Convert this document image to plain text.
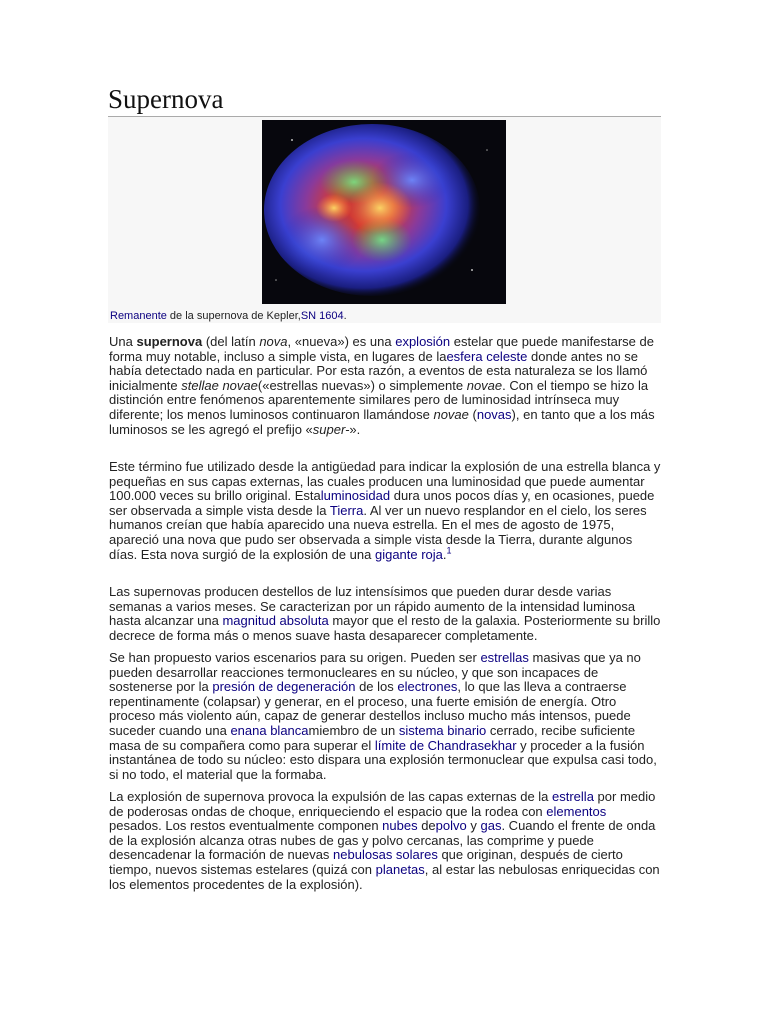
Supernova
Remanente de la supernova de Kepler,SN 1604.

Una supernova (del latín nova, «nueva») es una explosión estelar que puede manifestarse de forma muy notable, incluso a simple vista, en lugares de laesfera celeste donde antes no se había detectado nada en particular. Por esta razón, a eventos de esta naturaleza se los llamó inicialmente stellae novae(«estrellas nuevas») o simplemente novae. Con el tiempo se hizo la distinción entre fenómenos aparentemente similares pero de luminosidad intrínseca muy diferente; los menos luminosos continuaron llamándose novae (novas), en tanto que a los más luminosos se les agregó el prefijo «super-».

Este término fue utilizado desde la antigüedad para indicar la explosión de una estrella blanca y pequeñas en sus capas externas, las cuales producen una luminosidad que puede aumentar 100.000 veces su brillo original. Estaluminosidad dura unos pocos días y, en ocasiones, puede ser observada a simple vista desde la Tierra. Al ver un nuevo resplandor en el cielo, los seres humanos creían que había aparecido una nueva estrella. En el mes de agosto de 1975, apareció una nova que pudo ser observada a simple vista desde la Tierra, durante algunos días. Esta nova surgió de la explosión de una gigante roja.$^1$

Las supernovas producen destellos de luz intensísimos que pueden durar desde varias semanas a varios meses. Se caracterizan por un rápido aumento de la intensidad luminosa hasta alcanzar una magnitud absoluta mayor que el resto de la galaxia. Posteriormente su brillo decrece de forma más o menos suave hasta desaparecer completamente.

Se han propuesto varios escenarios para su origen. Pueden ser estrellas masivas que ya no pueden desarrollar reacciones termonucleares en su núcleo, y que son incapaces de sostenerse por la presión de degeneración de los electrones, lo que las lleva a contraerse repentinamente (colapsar) y generar, en el proceso, una fuerte emisión de energía. Otro proceso más violento aún, capaz de generar destellos incluso mucho más intensos, puede suceder cuando una enana blancamiembro de un sistema binario cerrado, recibe suficiente masa de su compañera como para superar el límite de Chandrasekhar y proceder a la fusión instantánea de todo su núcleo: esto dispara una explosión termonuclear que expulsa casi todo, si no todo, el material que la formaba.

La explosión de supernova provoca la expulsión de las capas externas de la estrella por medio de poderosas ondas de choque, enriqueciendo el espacio que la rodea con elementos pesados. Los restos eventualmente componen nubes depolvo y gas. Cuando el frente de onda de la explosión alcanza otras nubes de gas y polvo cercanas, las comprime y puede desencadenar la formación de nuevas nebulosas solares que originan, después de cierto tiempo, nuevos sistemas estelares (quizá con planetas, al estar las nebulosas enriquecidas con los elementos procedentes de la explosión).
